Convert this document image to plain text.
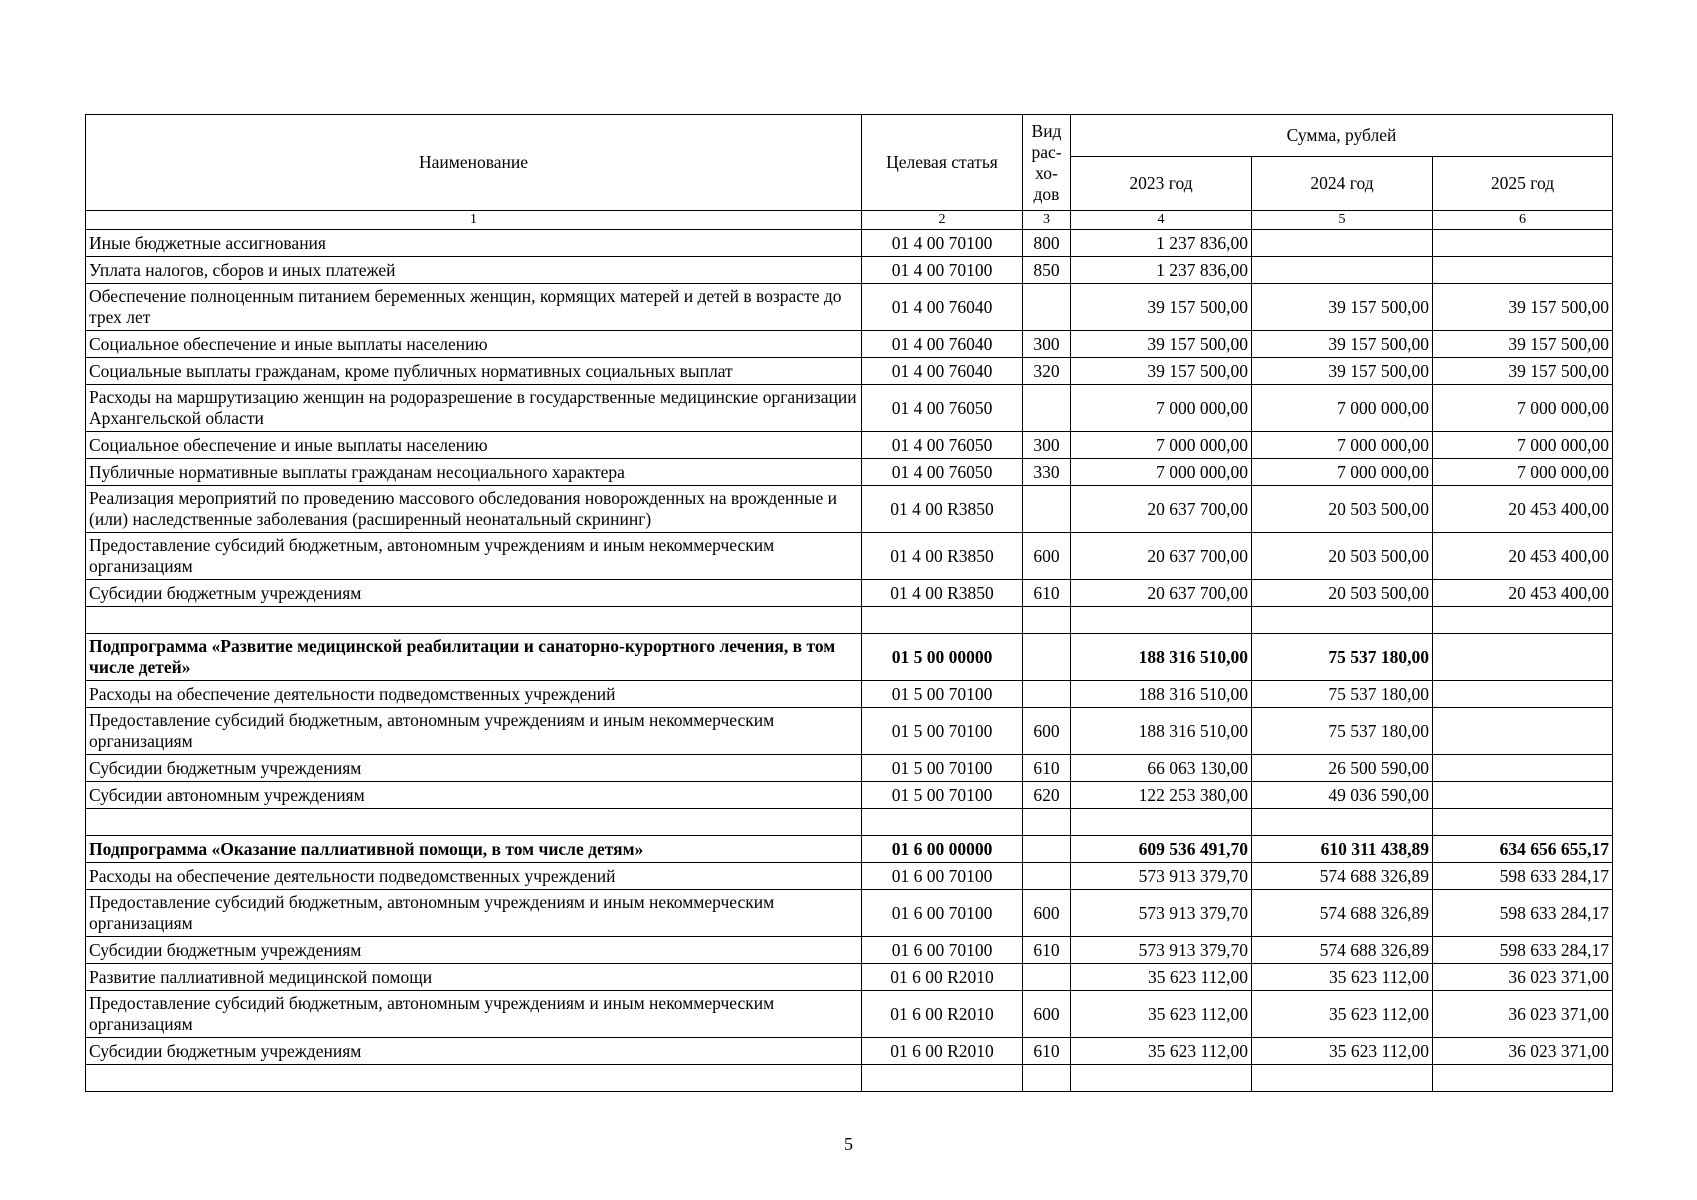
Наименование	Целевая статья	Вид рас-хо-дов	Сумма, рублей		
			2023 год	2024 год	2025 год
1	2	3	4	5	6
Иные бюджетные ассигнования	01 4 00 70100	800	1 237 836,00		
Уплата налогов, сборов и иных платежей	01 4 00 70100	850	1 237 836,00		
Обеспечение полноценным питанием беременных женщин, кормящих матерей и детей в возрасте до трех лет	01 4 00 76040		39 157 500,00	39 157 500,00	39 157 500,00
Социальное обеспечение и иные выплаты населению	01 4 00 76040	300	39 157 500,00	39 157 500,00	39 157 500,00
Социальные выплаты гражданам, кроме публичных нормативных социальных выплат	01 4 00 76040	320	39 157 500,00	39 157 500,00	39 157 500,00
Расходы на маршрутизацию женщин на родоразрешение в государственные медицинские организации Архангельской области	01 4 00 76050		7 000 000,00	7 000 000,00	7 000 000,00
Социальное обеспечение и иные выплаты населению	01 4 00 76050	300	7 000 000,00	7 000 000,00	7 000 000,00
Публичные нормативные выплаты гражданам несоциального характера	01 4 00 76050	330	7 000 000,00	7 000 000,00	7 000 000,00
Реализация мероприятий по проведению массового обследования новорожденных на врожденные и (или) наследственные заболевания (расширенный неонатальный скрининг)	01 4 00 R3850		20 637 700,00	20 503 500,00	20 453 400,00
Предоставление субсидий бюджетным, автономным учреждениям и иным некоммерческим организациям	01 4 00 R3850	600	20 637 700,00	20 503 500,00	20 453 400,00
Субсидии бюджетным учреждениям	01 4 00 R3850	610	20 637 700,00	20 503 500,00	20 453 400,00

Подпрограмма «Развитие медицинской реабилитации и санаторно-курортного лечения, в том числе детей»	01 5 00 00000		188 316 510,00	75 537 180,00	
Расходы на обеспечение деятельности подведомственных учреждений	01 5 00 70100		188 316 510,00	75 537 180,00	
Предоставление субсидий бюджетным, автономным учреждениям и иным некоммерческим организациям	01 5 00 70100	600	188 316 510,00	75 537 180,00	
Субсидии бюджетным учреждениям	01 5 00 70100	610	66 063 130,00	26 500 590,00	
Субсидии автономным учреждениям	01 5 00 70100	620	122 253 380,00	49 036 590,00	

Подпрограмма «Оказание паллиативной помощи, в том числе детям»	01 6 00 00000		609 536 491,70	610 311 438,89	634 656 655,17
Расходы на обеспечение деятельности подведомственных учреждений	01 6 00 70100		573 913 379,70	574 688 326,89	598 633 284,17
Предоставление субсидий бюджетным, автономным учреждениям и иным некоммерческим организациям	01 6 00 70100	600	573 913 379,70	574 688 326,89	598 633 284,17
Субсидии бюджетным учреждениям	01 6 00 70100	610	573 913 379,70	574 688 326,89	598 633 284,17
Развитие паллиативной медицинской помощи	01 6 00 R2010		35 623 112,00	35 623 112,00	36 023 371,00
Предоставление субсидий бюджетным, автономным учреждениям и иным некоммерческим организациям	01 6 00 R2010	600	35 623 112,00	35 623 112,00	36 023 371,00
Субсидии бюджетным учреждениям	01 6 00 R2010	610	35 623 112,00	35 623 112,00	36 023 371,00

5
